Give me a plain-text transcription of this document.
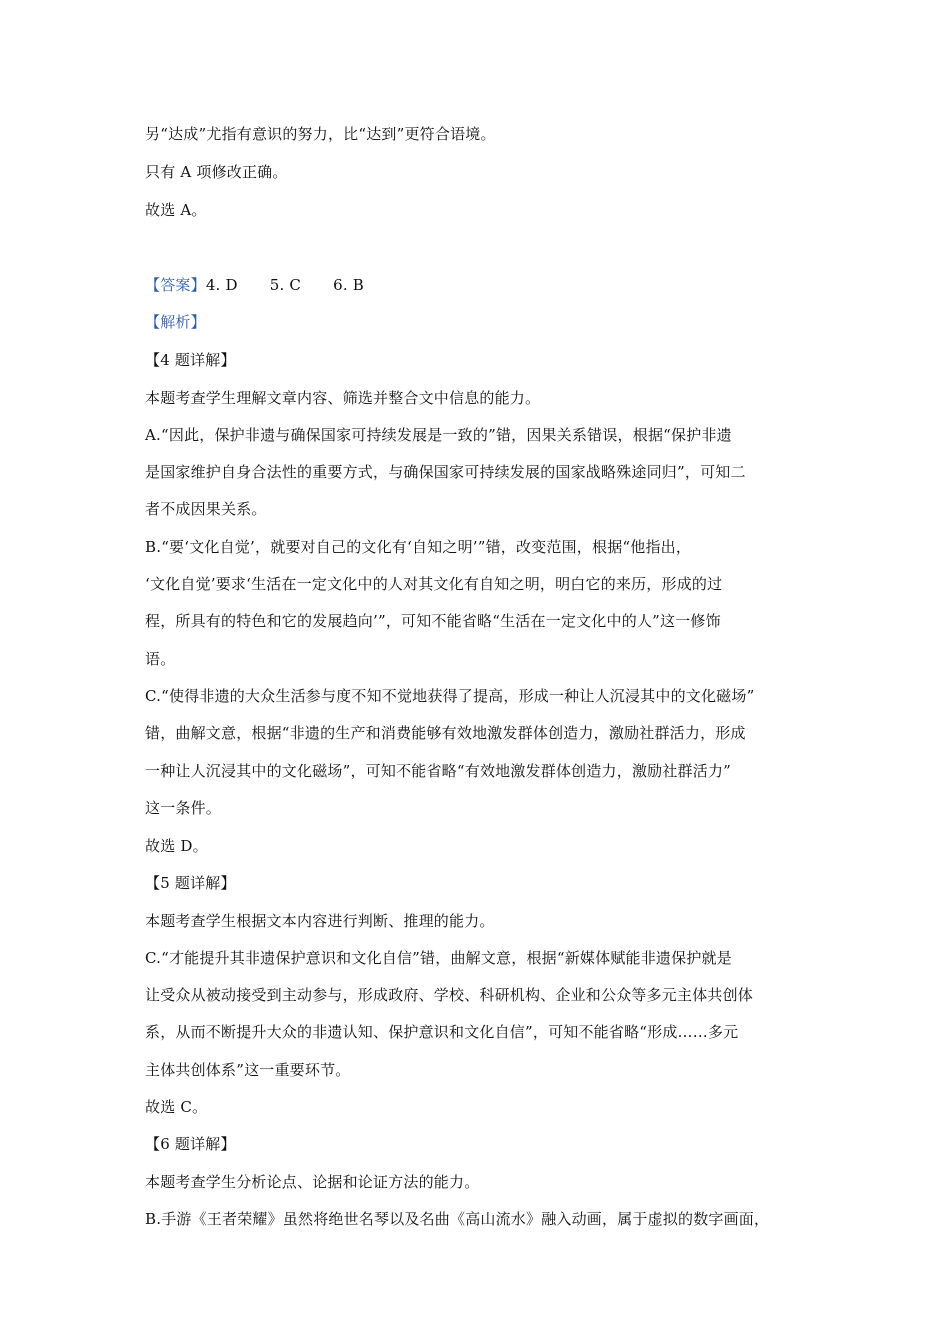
另“达成”尤指有意识的努力，比“达到”更符合语境。
只有 A 项修改正确。
故选 A。
【答案】4. D 5. C 6. B
【解析】
【4 题详解】
本题考查学生理解文章内容、筛选并整合文中信息的能力。
A.“因此，保护非遗与确保国家可持续发展是一致的”错，因果关系错误，根据“保护非遗
是国家维护自身合法性的重要方式，与确保国家可持续发展的国家战略殊途同归”，可知二
者不成因果关系。
B.“要‘文化自觉’，就要对自己的文化有‘自知之明’”错，改变范围，根据“他指出，
‘文化自觉’要求‘生活在一定文化中的人对其文化有自知之明，明白它的来历，形成的过
程，所具有的特色和它的发展趋向’”，可知不能省略“生活在一定文化中的人”这一修饰
语。
C.“使得非遗的大众生活参与度不知不觉地获得了提高，形成一种让人沉浸其中的文化磁场”
错，曲解文意，根据“非遗的生产和消费能够有效地激发群体创造力，激励社群活力，形成
一种让人沉浸其中的文化磁场”，可知不能省略“有效地激发群体创造力，激励社群活力”
这一条件。
故选 D。
【5 题详解】
本题考查学生根据文本内容进行判断、推理的能力。
C.“才能提升其非遗保护意识和文化自信”错，曲解文意，根据“新媒体赋能非遗保护就是
让受众从被动接受到主动参与，形成政府、学校、科研机构、企业和公众等多元主体共创体
系，从而不断提升大众的非遗认知、保护意识和文化自信”，可知不能省略“形成……多元
主体共创体系”这一重要环节。
故选 C。
【6 题详解】
本题考查学生分析论点、论据和论证方法的能力。
B.手游《王者荣耀》虽然将绝世名琴以及名曲《高山流水》融入动画，属于虚拟的数字画面，
